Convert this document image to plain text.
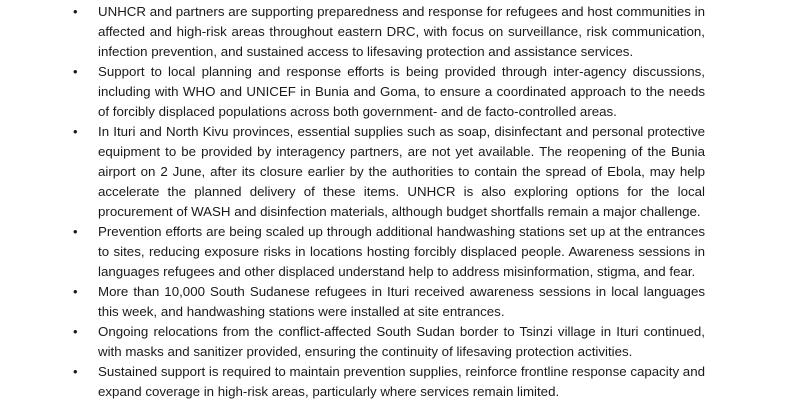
• UNHCR and partners are supporting preparedness and response for refugees and host communities in affected and high-risk areas throughout eastern DRC, with focus on surveillance, risk communication, infection prevention, and sustained access to lifesaving protection and assistance services.
• Support to local planning and response efforts is being provided through inter-agency discussions, including with WHO and UNICEF in Bunia and Goma, to ensure a coordinated approach to the needs of forcibly displaced populations across both government- and de facto-controlled areas.
• In Ituri and North Kivu provinces, essential supplies such as soap, disinfectant and personal protective equipment to be provided by interagency partners, are not yet available. The reopening of the Bunia airport on 2 June, after its closure earlier by the authorities to contain the spread of Ebola, may help accelerate the planned delivery of these items. UNHCR is also exploring options for the local procurement of WASH and disinfection materials, although budget shortfalls remain a major challenge.
• Prevention efforts are being scaled up through additional handwashing stations set up at the entrances to sites, reducing exposure risks in locations hosting forcibly displaced people. Awareness sessions in languages refugees and other displaced understand help to address misinformation, stigma, and fear.
• More than 10,000 South Sudanese refugees in Ituri received awareness sessions in local languages this week, and handwashing stations were installed at site entrances.
• Ongoing relocations from the conflict-affected South Sudan border to Tsinzi village in Ituri continued, with masks and sanitizer provided, ensuring the continuity of lifesaving protection activities.
• Sustained support is required to maintain prevention supplies, reinforce frontline response capacity and expand coverage in high-risk areas, particularly where services remain limited.
